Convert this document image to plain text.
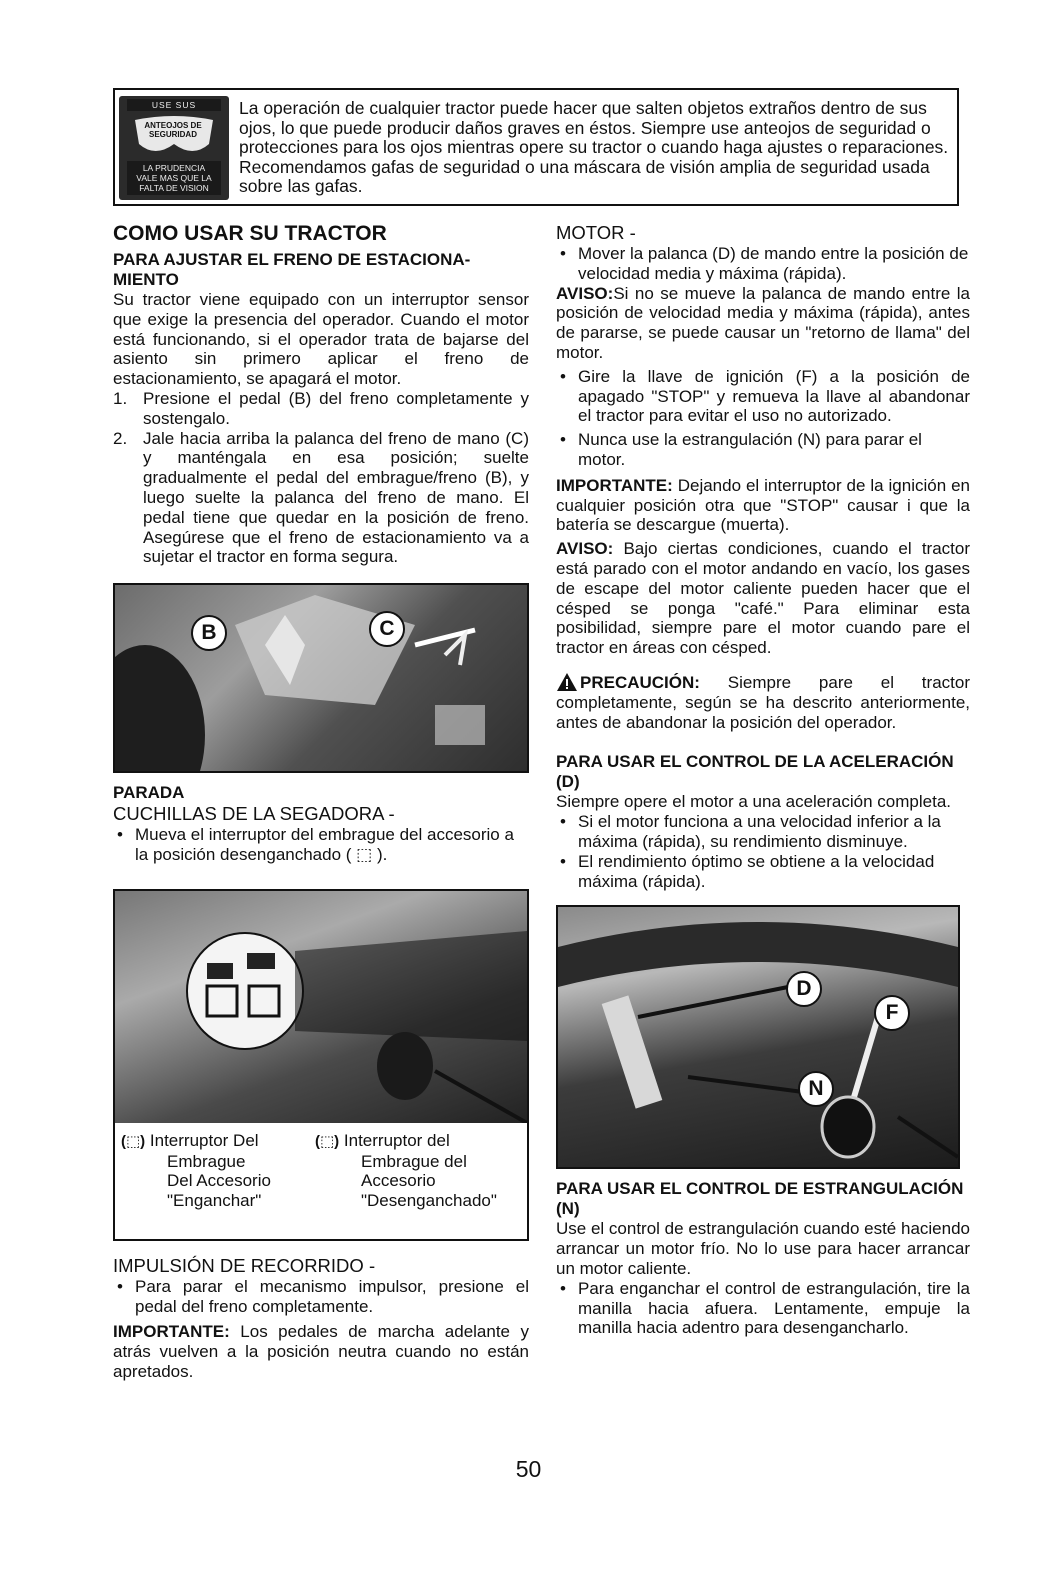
USE SUS
ANTEOJOS DE SEGURIDAD
LA PRUDENCIA
VALE MAS QUE LA
FALTA DE VISION

La operación de cualquier tractor puede hacer que salten objetos extraños dentro de sus ojos, lo que puede producir daños graves en éstos. Siempre use anteojos de seguridad o protecciones para los ojos mientras opere su tractor o cuando haga ajustes o reparaciones. Recomendamos gafas de seguridad o una máscara de visión amplia de seguridad usada sobre las gafas.

COMO USAR SU TRACTOR
PARA AJUSTAR EL FRENO DE ESTACIONA-MIENTO

Su tractor viene equipado con un interruptor sensor que exige la presencia del operador. Cuando el motor está funcionando, si el operador trata de bajarse del asiento sin primero aplicar el freno de estacionamiento, se apagará el motor.

1. Presione el pedal (B) del freno completamente y sostengalo.
2. Jale hacia arriba la palanca del freno de mano (C) y manténgala en esa posición; suelte gradualmente el pedal del embrague/freno (B), y luego suelte la palanca del freno de mano. El pedal tiene que quedar en la posición de freno. Asegúrese que el freno de estacionamiento va a sujetar el tractor en forma segura.
B	C
PARADA
CUCHILLAS DE LA SEGADORA -
• Mueva el interruptor del embrague del accesorio a la posición desenganchado ( ⬚ ).
(⬚) Interruptor Del
Embrague
Del Accesorio
"Enganchar"
(⬚) Interruptor del
Embrague del
Accesorio
"Desenganchado"
IMPULSIÓN DE RECORRIDO -
• Para parar el mecanismo impulsor, presione el pedal del freno completamente.

IMPORTANTE: Los pedales de marcha adelante y atrás vuelven a la posición neutra cuando no están apretados.

MOTOR -
• Mover la palanca (D) de mando entre la posición de velocidad media y máxima (rápida).

AVISO:Si no se mueve la palanca de mando entre la posición de velocidad media y máxima (rápida), antes de pararse, se puede causar un "retorno de llama" del motor.

• Gire la llave de ignición (F) a la posición de apagado "STOP" y remueva la llave al abandonar el tractor para evitar el uso no autorizado.
• Nunca use la estrangulación (N) para parar el motor.

IMPORTANTE: Dejando el interruptor de la ignición en cualquier posición otra que "STOP" causar i que la batería se descargue (muerta).

AVISO: Bajo ciertas condiciones, cuando el tractor está parado con el motor andando en vacío, los gases de escape del motor caliente pueden hacer que el césped se ponga "café." Para eliminar esta posibilidad, siempre pare el motor cuando pare el tractor en áreas con césped.

PRECAUCIÓN: Siempre pare el tractor completamente, según se ha descrito anteriormente, antes de abandonar la posición del operador.

PARA USAR EL CONTROL DE LA ACELERACIÓN (D)

Siempre opere el motor a una aceleración completa.

• Si el motor funciona a una velocidad inferior a la máxima (rápida), su rendimiento disminuye.
• El rendimiento óptimo se obtiene a la velocidad máxima (rápida).
D
F
N
PARA USAR EL CONTROL DE ESTRANGULACIÓN (N)

Use el control de estrangulación cuando esté haciendo arrancar un motor frío. No lo use para hacer arrancar un motor caliente.

• Para enganchar el control de estrangulación, tire la manilla hacia afuera. Lentamente, empuje la manilla hacia adentro para desengancharlo.
50
